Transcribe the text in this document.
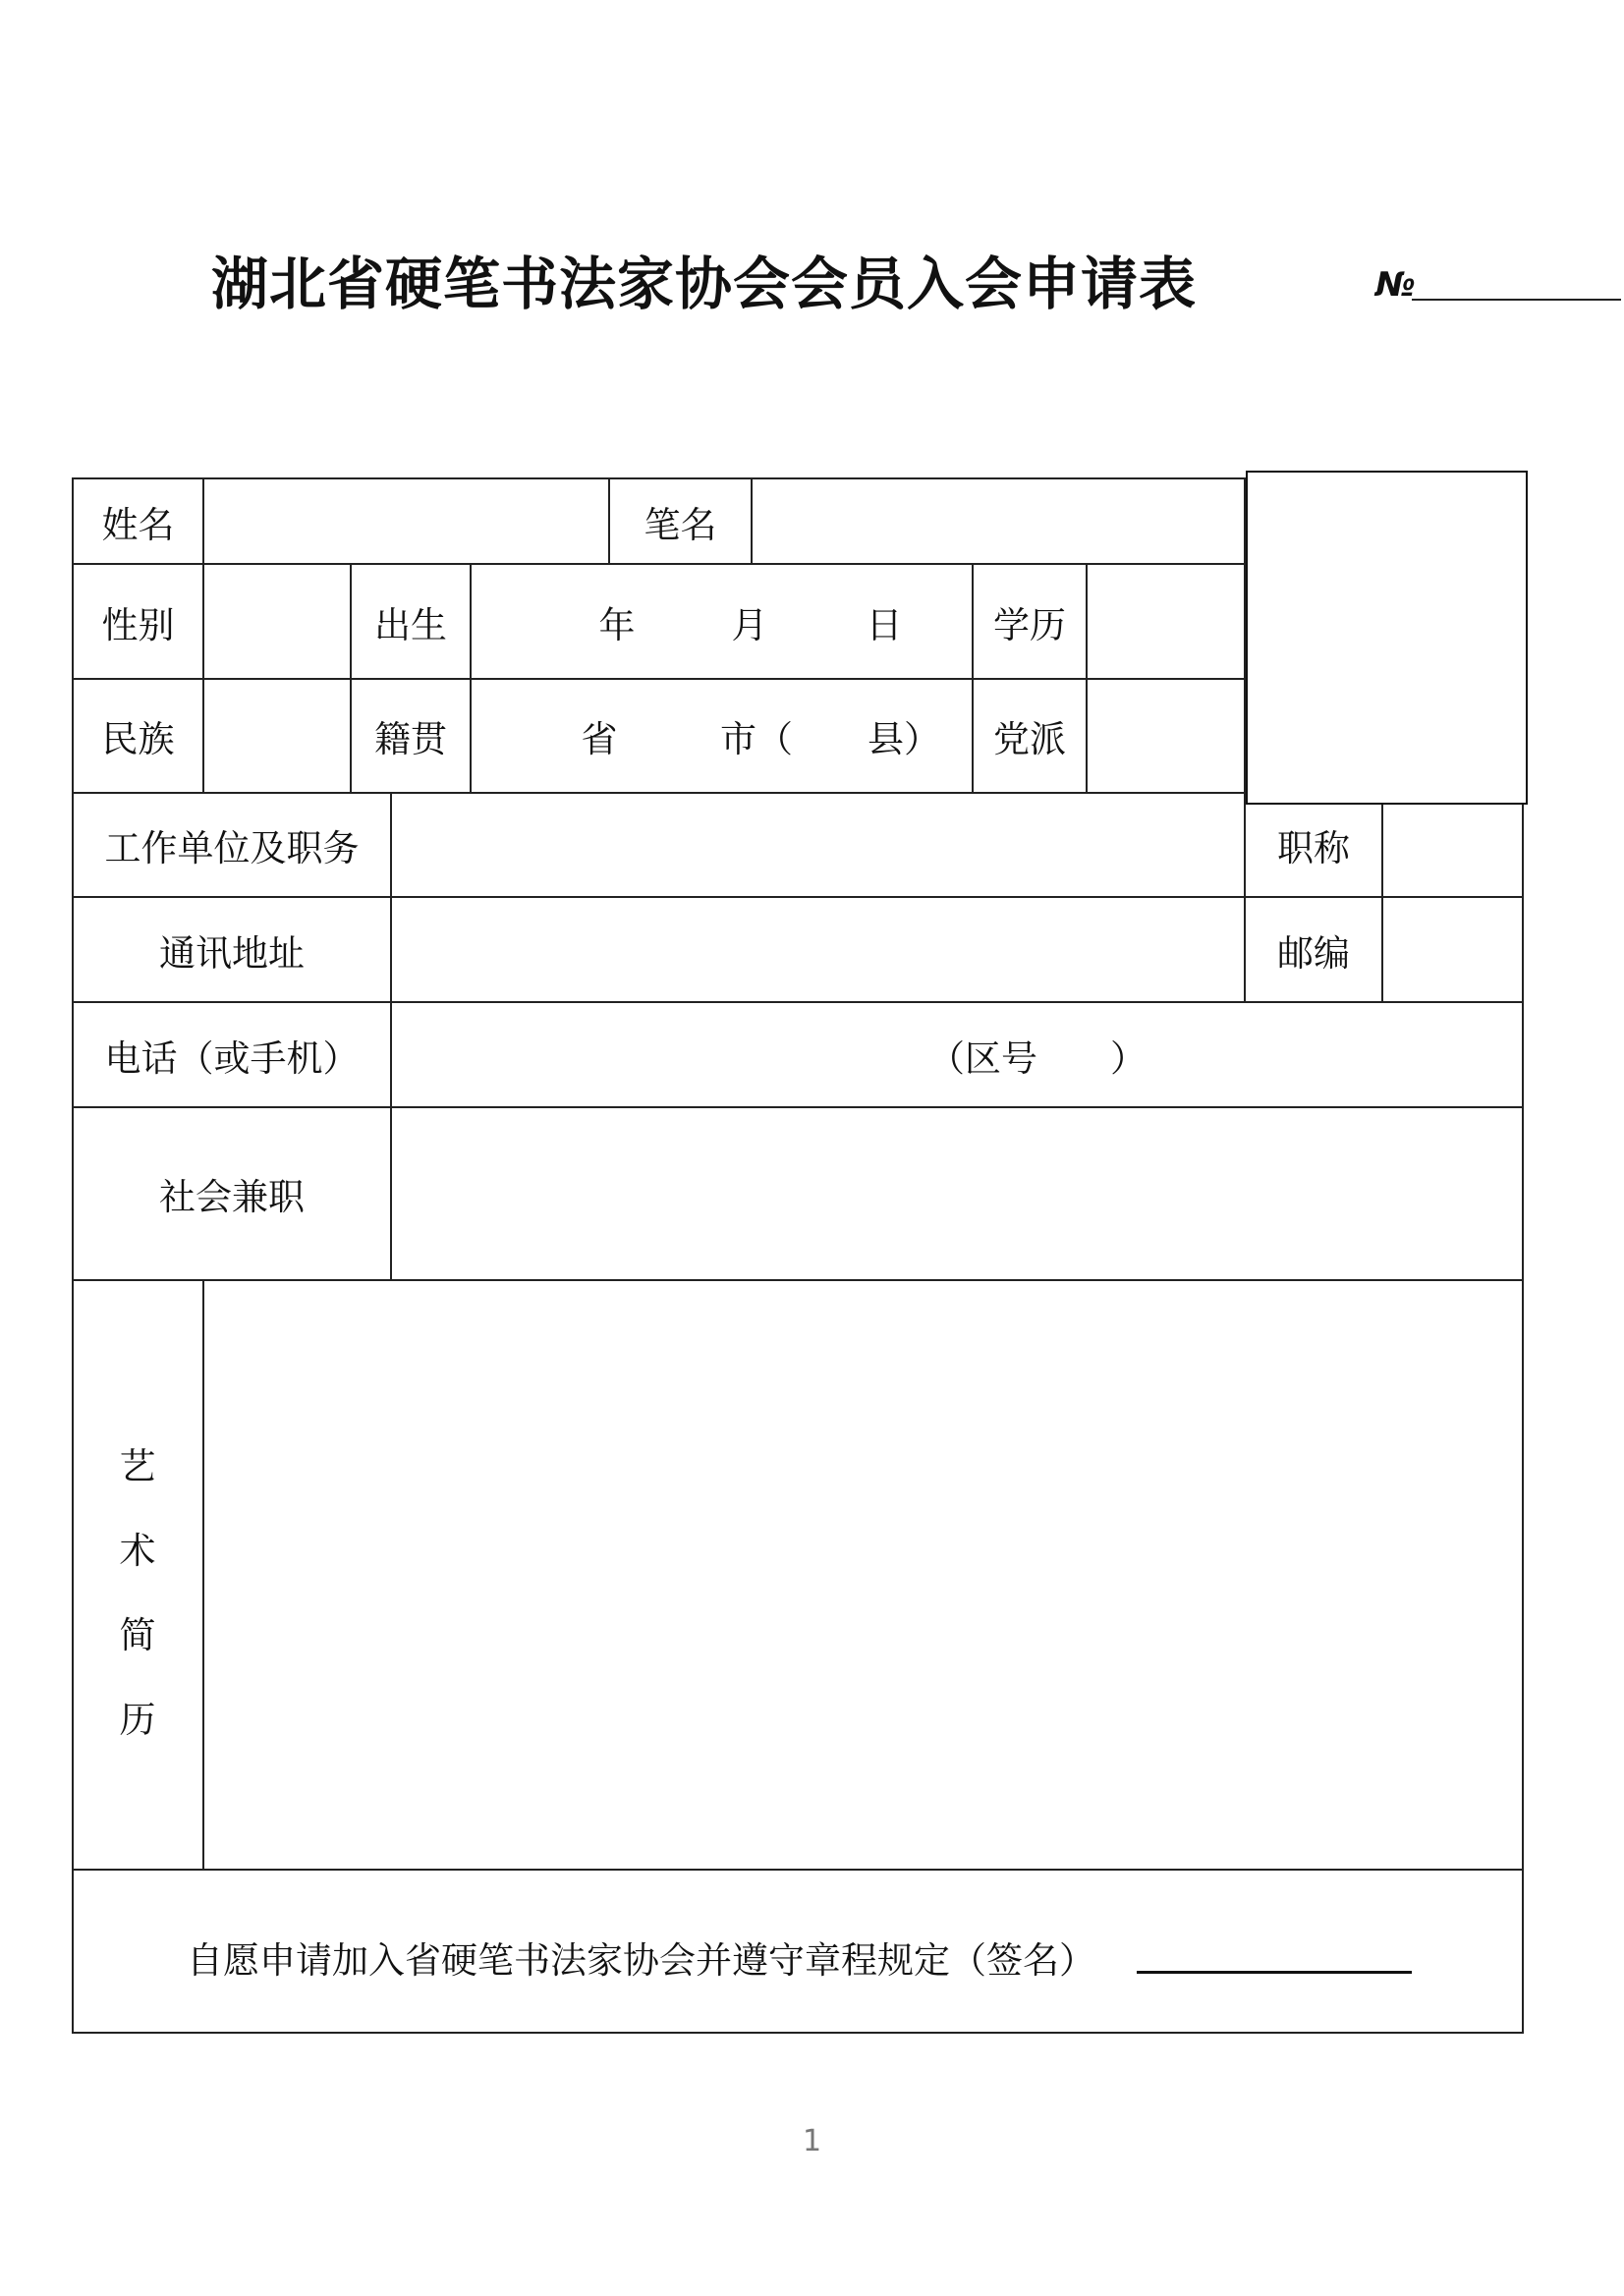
湖北省硬笔书法家协会会员入会申请表	№
姓名	笔名
性别	出生	年	月	日	学历
民族	籍贯	省	市（ 县）	党派
工作单位及职务	职称
通讯地址	邮编
电话（或手机）	（区号　　）
社会兼职
艺
术
简
历
自愿申请加入省硬笔书法家协会并遵守章程规定（签名）
1
